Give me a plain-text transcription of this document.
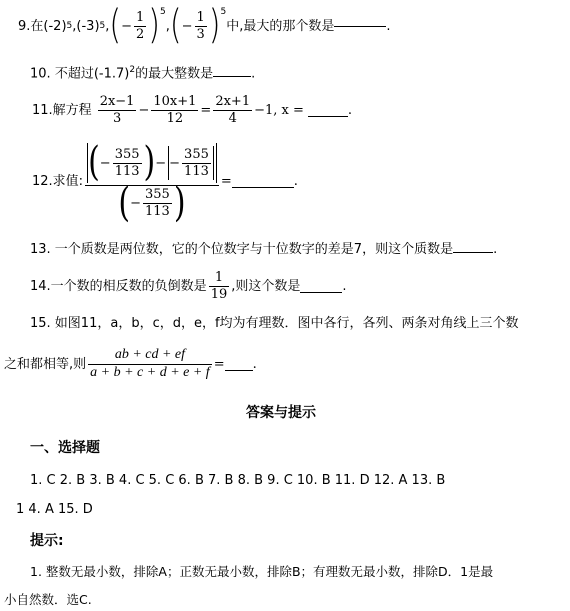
9. 在 (-2) 5 , (-3) 5 , ( − $\frac{1}{2}$ ) 5
, ( − $\frac{1}{3}$ ) 5
中,最大的那个数是	.
10. 不超过$(-1.7)^2$的最大整数是	.
11.解方程 $\frac{2x-1}{3} - \frac{10x+1}{12} = \frac{2x+1}{4} -1$, x =	.
12.求值: ( − $\frac{355}{113}$ ) − − $\frac{355}{113}$
( − $\frac{355}{113}$ )	=	.
13. 一个质数是两位数，它的个位数字与十位数字的差是7，则这个质数是	.
14.一个数的相反数的负倒数是 $\frac{1}{19}$ ,则这个数是	.
15. 如图11，a，b，c，d，e，f均为有理数．图中各行，各列、两条对角线上三个数
之和都相等,则 $\frac{ab + cd + ef}{a + b + c + d + e + f}$ = .
答案与提示
一、选择题
1. C 2. B 3. B 4. C 5. C 6. B 7. B 8. B 9. C 10. B 11. D 12. A 13. B
1 4. A 15. D
提示:
1. 整数无最小数，排除A；正数无最小数，排除B；有理数无最小数，排除D．1是最
小自然数．选C.
